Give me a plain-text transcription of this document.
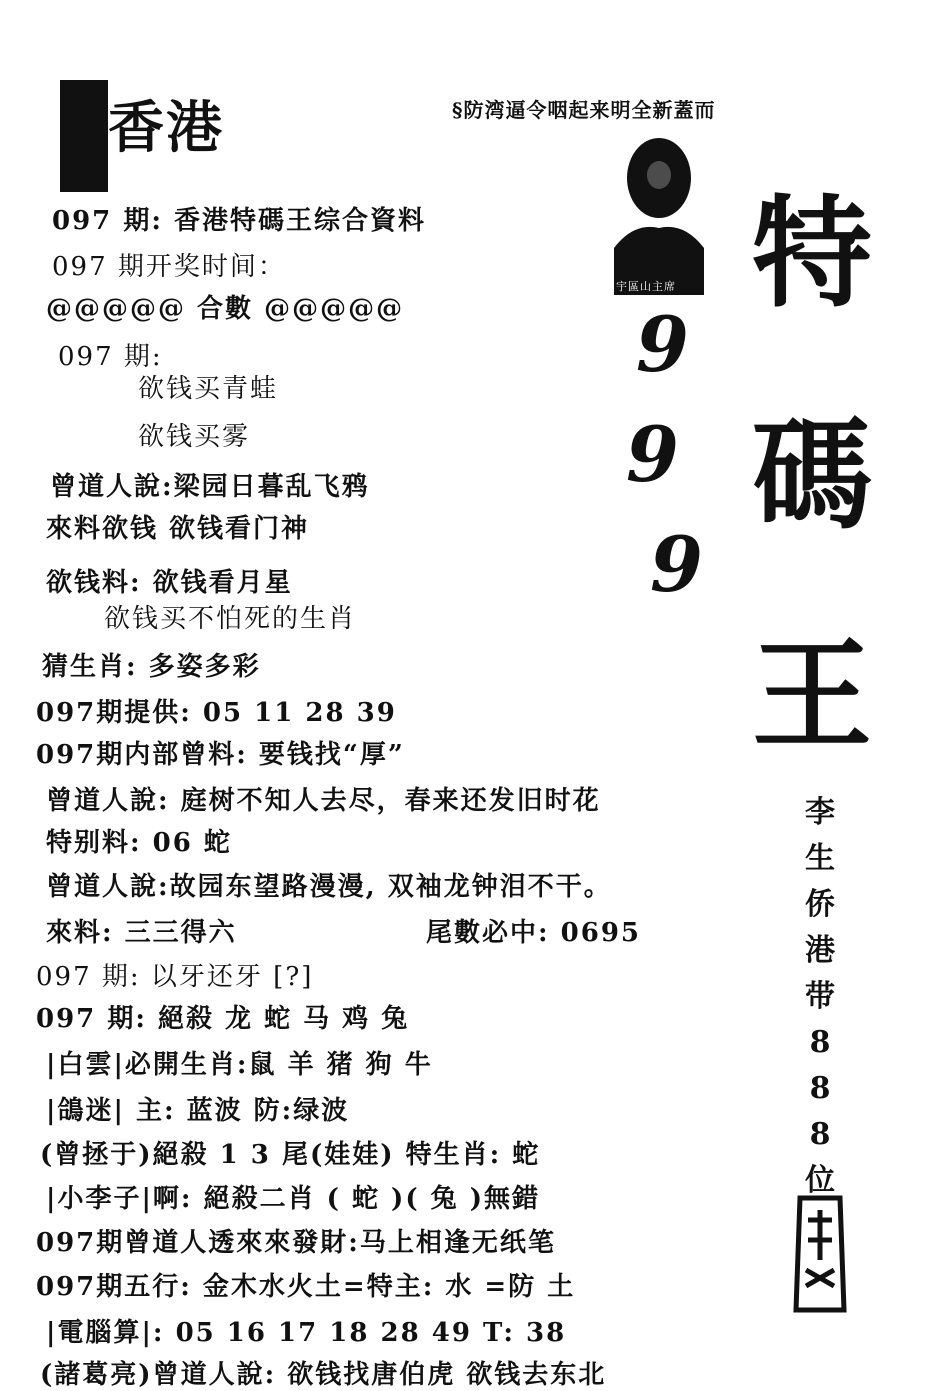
香港	§防湾逼令咽起来明全新蓋而
宇區山主席
9
9
9
特
碼
王
李
生
侨
港
带
8
8
8
位
097 期: 香港特碼王综合資料
097 期开奖时间：
@@@@@ 合數 @@@@@
097 期:
欲钱买青蛙
欲钱买雾
曾道人說:梁园日暮乱飞鸦
來料欲钱 欲钱看门神
欲钱料: 欲钱看月星
欲钱买不怕死的生肖
猜生肖: 多姿多彩
097期提供: 05 11 28 39
097期内部曾料: 要钱找“厚”
曾道人說: 庭树不知人去尽，春来还发旧时花
特别料: 06 蛇
曾道人說:故园东望路漫漫, 双袖龙钟泪不干。
來料: 三三得六	尾數必中: 0695
097 期: 以牙还牙 [?]
097 期: 絕殺 龙 蛇 马 鸡 兔
|白雲|必開生肖:鼠 羊 猪 狗 牛
|鴿迷| 主: 蓝波 防:绿波
(曾拯于)絕殺 1 3 尾(娃娃) 特生肖: 蛇
|小李子|啊: 絕殺二肖 ( 蛇 )( 兔 )無錯
097期曾道人透來來發財:马上相逢无纸笔
097期五行: 金木水火土=特主: 水 =防 土
|電腦算|: 05 16 17 18 28 49 T: 38
(諸葛亮)曾道人說: 欲钱找唐伯虎 欲钱去东北
